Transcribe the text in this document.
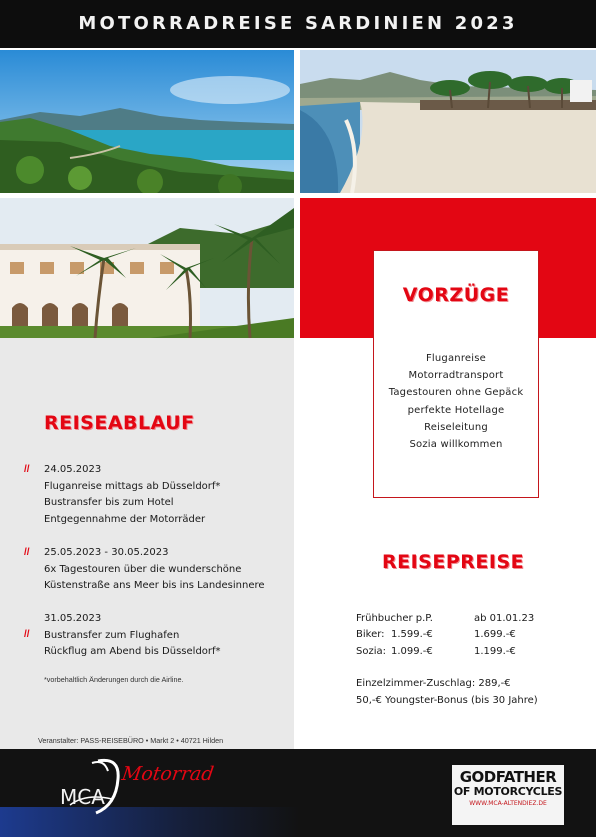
MOTORRADREISE SARDINIEN 2023
REISEABLAUF
// 24.05.2023
Fluganreise mittags ab Düsseldorf*
Bustransfer bis zum Hotel
Entgegennahme der Motorräder
// 25.05.2023 - 30.05.2023
6x Tagestouren über die wunderschöne
Küstenstraße ans Meer bis ins Landesinnere
//
31.05.2023
Bustransfer zum Flughafen
Rückflug am Abend bis Düsseldorf*
*vorbehaltlich Änderungen durch die Airline.
Veranstalter: PASS-REISEBÜRO • Markt 2 • 40721 Hilden
VORZÜGE
Fluganreise
Motorradtransport
Tagestouren ohne Gepäck
perfekte Hotellage
Reiseleitung
Sozia willkommen
REISEPREISE
Frühbucher p.P.	ab 01.01.23
Biker: 1.599.-€	1.699.-€
Sozia: 1.099.-€	1.199.-€
Einzelzimmer-Zuschlag: 289,-€
50,-€ Youngster-Bonus (bis 30 Jahre)
MCA
Motorrad	GODFATHER
OF MOTORCYCLES
WWW.MCA-ALTENDIEZ.DE
